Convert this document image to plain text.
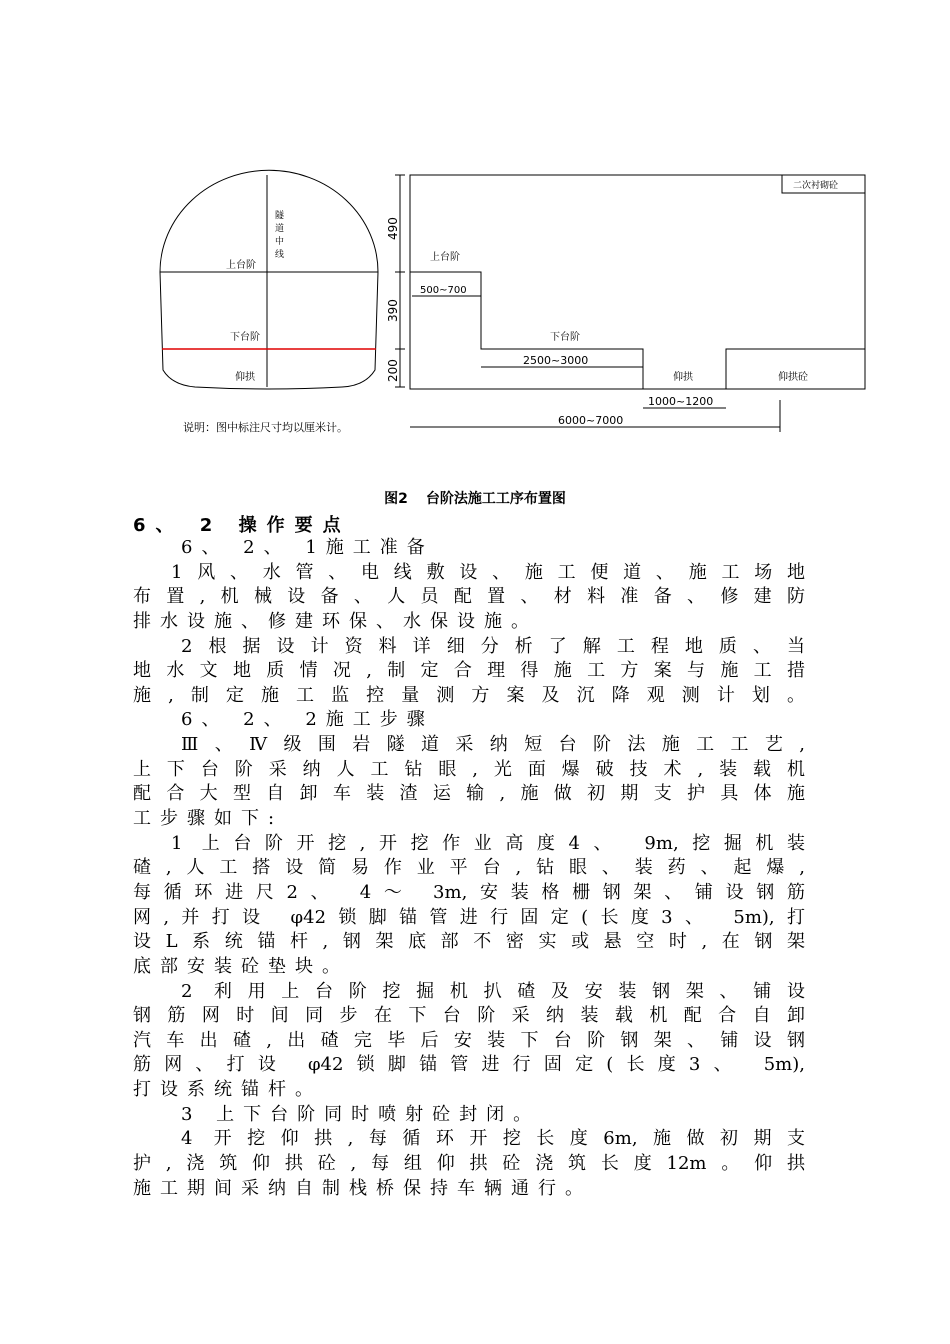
隧道中线
上台阶
下台阶
仰拱
490
390
200
二次衬砌砼
上台阶
500~700
下台阶
2500~3000
仰拱
1000~1200
仰拱砼
6000~7000
说明：图中标注尺寸均以厘米计。
图2 台阶法施工工序布置图
6、 2 操作要点
6、 2、 1施工准备
1风、水管、电线敷设、施工便道、施工场地
布置,机械设备、人员配置、材料准备、修建防
排水设施、修建环保、水保设施。
2根据设计资料详细分析了解工程地质、当
地水文地质情况,制定合理得施工方案与施工措
施,制定施工监控量测方案及沉降观测计划。
6、 2、 2施工步骤
Ⅲ、Ⅳ级围岩隧道采纳短台阶法施工工艺,
上下台阶采纳人工钻眼,光面爆破技术,装载机
配合大型自卸车装渣运输,施做初期支护具体施
工步骤如下:
1 上台阶开挖,开挖作业高度4、 9m,挖掘机装
碴,人工搭设简易作业平台,钻眼、装药、起爆,
每循环进尺2、 4～ 3m,安装格栅钢架、铺设钢筋
网,并打设 φ42锁脚锚管进行固定(长度3、 5m),打
设L系统锚杆,钢架底部不密实或悬空时,在钢架
底部安装砼垫块。
2 利用上台阶挖掘机扒碴及安装钢架、铺设
钢筋网时间同步在下台阶采纳装载机配合自卸
汽车出碴,出碴完毕后安装下台阶钢架、铺设钢
筋网、打设 φ42锁脚锚管进行固定(长度3、 5m),
打设系统锚杆。
3 上下台阶同时喷射砼封闭。
4 开挖仰拱,每循环开挖长度6m,施做初期支
护,浇筑仰拱砼,每组仰拱砼浇筑长度12m。仰拱
施工期间采纳自制栈桥保持车辆通行。
